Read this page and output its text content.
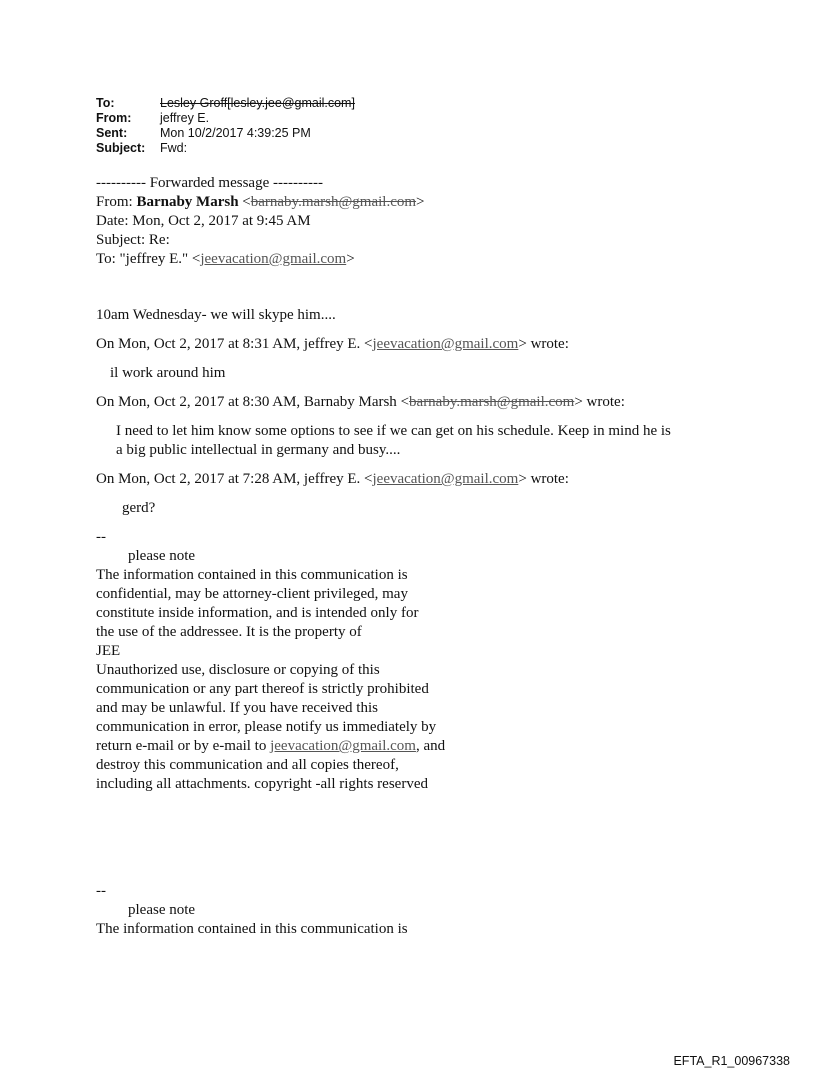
To:	Lesley Groff[lesley.jee@gmail.com]
From:	jeffrey E.
Sent:	Mon 10/2/2017 4:39:25 PM
Subject:	Fwd:

---------- Forwarded message ----------

From: Barnaby Marsh <barnaby.marsh@gmail.com>

Date: Mon, Oct 2, 2017 at 9:45 AM

Subject: Re:

To: "jeffrey E." <jeevacation@gmail.com>

10am Wednesday- we will skype him....

On Mon, Oct 2, 2017 at 8:31 AM, jeffrey E. <jeevacation@gmail.com> wrote:

il work around him

On Mon, Oct 2, 2017 at 8:30 AM, Barnaby Marsh <barnaby.marsh@gmail.com> wrote:

I need to let him know some options to see if we can get on his schedule. Keep in mind he is

a big public intellectual in germany and busy....

On Mon, Oct 2, 2017 at 7:28 AM, jeffrey E. <jeevacation@gmail.com> wrote:

gerd?

--

please note

The information contained in this communication is

confidential, may be attorney-client privileged, may

constitute inside information, and is intended only for

the use of the addressee. It is the property of

JEE

Unauthorized use, disclosure or copying of this

communication or any part thereof is strictly prohibited

and may be unlawful. If you have received this

communication in error, please notify us immediately by

return e-mail or by e-mail to jeevacation@gmail.com, and

destroy this communication and all copies thereof,

including all attachments. copyright -all rights reserved

--

please note

The information contained in this communication is

EFTA_R1_00967338
